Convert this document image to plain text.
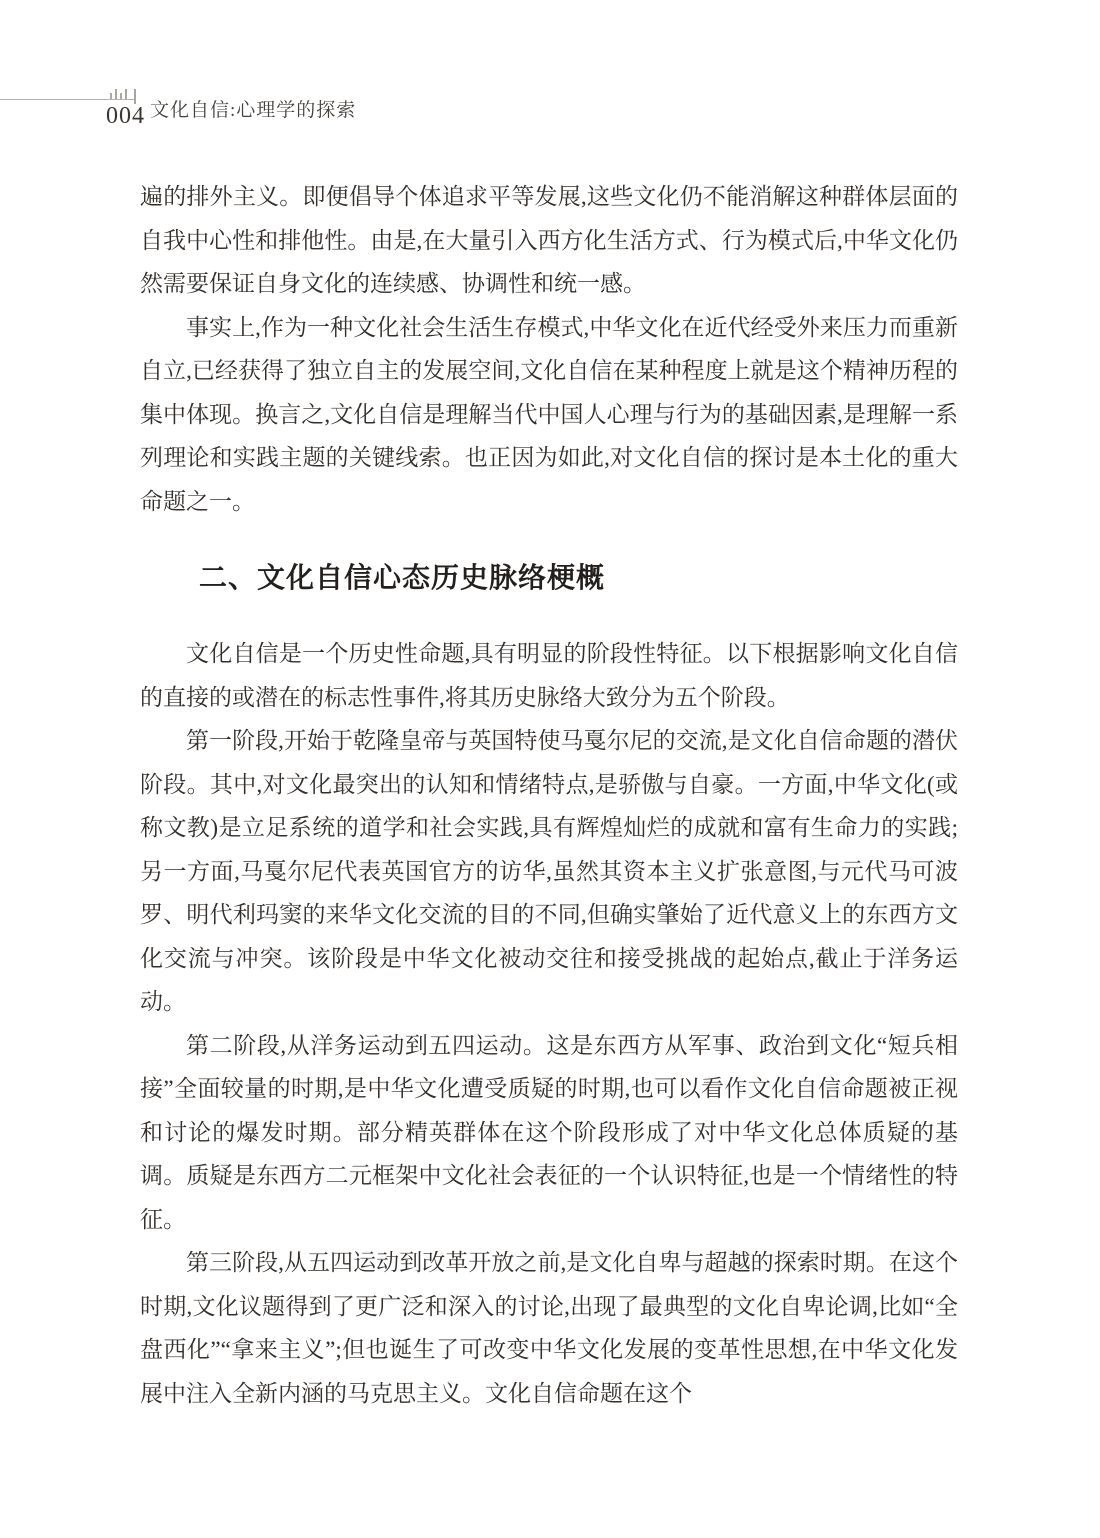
004 文化自信:心理学的探索

遍的排外主义。即便倡导个体追求平等发展,这些文化仍不能消解这种群体层面的自我中心性和排他性。由是,在大量引入西方化生活方式、行为模式后,中华文化仍然需要保证自身文化的连续感、协调性和统一感。

事实上,作为一种文化社会生活生存模式,中华文化在近代经受外来压力而重新自立,已经获得了独立自主的发展空间,文化自信在某种程度上就是这个精神历程的集中体现。换言之,文化自信是理解当代中国人心理与行为的基础因素,是理解一系列理论和实践主题的关键线索。也正因为如此,对文化自信的探讨是本土化的重大命题之一。

二、文化自信心态历史脉络梗概

文化自信是一个历史性命题,具有明显的阶段性特征。以下根据影响文化自信的直接的或潜在的标志性事件,将其历史脉络大致分为五个阶段。

第一阶段,开始于乾隆皇帝与英国特使马戛尔尼的交流,是文化自信命题的潜伏阶段。其中,对文化最突出的认知和情绪特点,是骄傲与自豪。一方面,中华文化(或称文教)是立足系统的道学和社会实践,具有辉煌灿烂的成就和富有生命力的实践;另一方面,马戛尔尼代表英国官方的访华,虽然其资本主义扩张意图,与元代马可波罗、明代利玛窦的来华文化交流的目的不同,但确实肇始了近代意义上的东西方文化交流与冲突。该阶段是中华文化被动交往和接受挑战的起始点,截止于洋务运动。

第二阶段,从洋务运动到五四运动。这是东西方从军事、政治到文化“短兵相接”全面较量的时期,是中华文化遭受质疑的时期,也可以看作文化自信命题被正视和讨论的爆发时期。部分精英群体在这个阶段形成了对中华文化总体质疑的基调。质疑是东西方二元框架中文化社会表征的一个认识特征,也是一个情绪性的特征。

第三阶段,从五四运动到改革开放之前,是文化自卑与超越的探索时期。在这个时期,文化议题得到了更广泛和深入的讨论,出现了最典型的文化自卑论调,比如“全盘西化”“拿来主义”;但也诞生了可改变中华文化发展的变革性思想,在中华文化发展中注入全新内涵的马克思主义。文化自信命题在这个
